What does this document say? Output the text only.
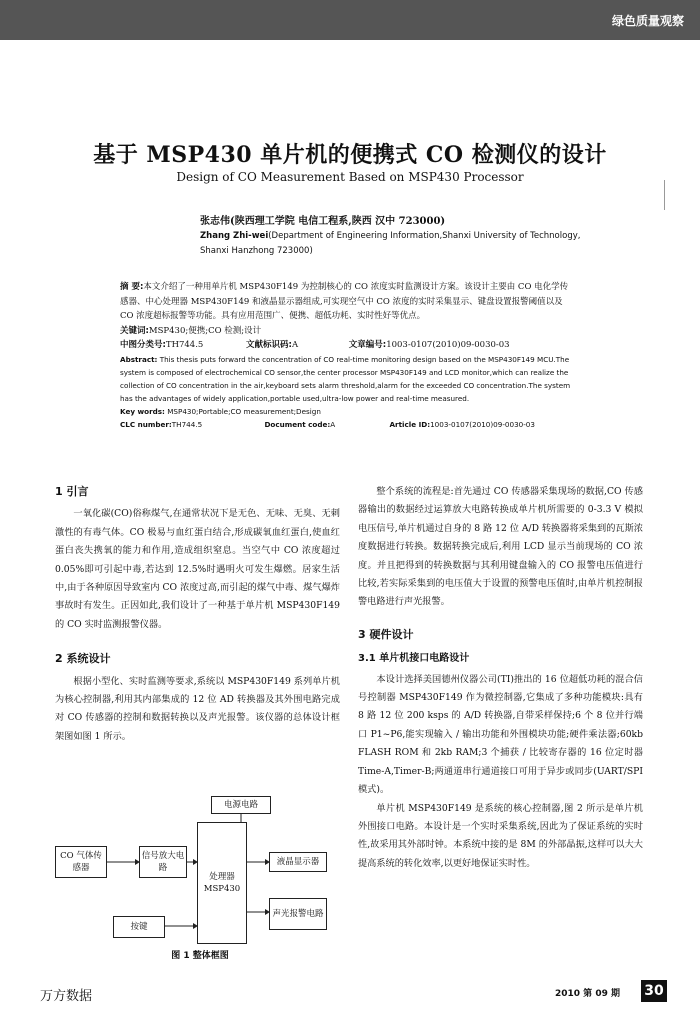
绿色质量观察
基于 MSP430 单片机的便携式 CO 检测仪的设计
Design of CO Measurement Based on MSP430 Processor
张志伟(陕西理工学院 电信工程系,陕西 汉中 723000)
Zhang Zhi-wei(Department of Engineering Information,Shanxi University of Technology,
Shanxi Hanzhong 723000)

摘 要:本文介绍了一种用单片机 MSP430F149 为控制核心的 CO 浓度实时监测设计方案。该设计主要由 CO 电化学传感器、中心处理器 MSP430F149 和液晶显示器组成,可实现空气中 CO 浓度的实时采集显示、键盘设置报警阈值以及 CO 浓度超标报警等功能。具有应用范围广、便携、超低功耗、实时性好等优点。

关键词:MSP430;便携;CO 检测;设计

中图分类号:TH744.5	文献标识码:A	文章编号:1003-0107(2010)09-0030-03

Abstract: This thesis puts forward the concentration of CO real-time monitoring design based on the MSP430F149 MCU.The system is composed of electrochemical CO sensor,the center processor MSP430F149 and LCD monitor,which can realize the collection of CO concentration in the air,keyboard sets alarm threshold,alarm for the exceeded CO concentration.The system has the advantages of widely application,portable used,ultra-low power and real-time measured.

Key words: MSP430;Portable;CO measurement;Design

CLC number:TH744.5	Document code:A	Article ID:1003-0107(2010)09-0030-03

1 引言

一氧化碳(CO)俗称煤气,在通常状况下是无色、无味、无臭、无刺激性的有毒气体。CO 极易与血红蛋白结合,形成碳氧血红蛋白,使血红蛋白丧失携氧的能力和作用,造成组织窒息。当空气中 CO 浓度超过 0.05%即可引起中毒,若达到 12.5%时遇明火可发生爆燃。居家生活中,由于各种原因导致室内 CO 浓度过高,而引起的煤气中毒、煤气爆炸事故时有发生。正因如此,我们设计了一种基于单片机 MSP430F149 的 CO 实时监测报警仪器。

2 系统设计

根据小型化、实时监测等要求,系统以 MSP430F149 系列单片机为核心控制器,利用其内部集成的 12 位 AD 转换器及其外围电路完成对 CO 传感器的控制和数据转换以及声光报警。该仪器的总体设计框架图如图 1 所示。

电源电路
CO 气体传感器
信号放大电路
处理器 MSP430
液晶显示器
声光报警电路
按键
图 1 整体框图

整个系统的流程是:首先通过 CO 传感器采集现场的数据,CO 传感器输出的数据经过运算放大电路转换成单片机所需要的 0-3.3 V 模拟电压信号,单片机通过自身的 8 路 12 位 A/D 转换器将采集到的瓦斯浓度数据进行转换。数据转换完成后,利用 LCD 显示当前现场的 CO 浓度。并且把得到的转换数据与其利用键盘输入的 CO 报警电压值进行比较,若实际采集到的电压值大于设置的预警电压值时,由单片机控制报警电路进行声光报警。

3 硬件设计
3.1 单片机接口电路设计

本设计选择美国德州仪器公司(TI)推出的 16 位超低功耗的混合信号控制器 MSP430F149 作为微控制器,它集成了多种功能模块:具有 8 路 12 位 200 ksps 的 A/D 转换器,自带采样保持;6 个 8 位并行端口 P1~P6,能实现输入 / 输出功能和外围模块功能;硬件乘法器;60kb FLASH ROM 和 2kb RAM;3 个捕获 / 比较寄存器的 16 位定时器 Time-A,Timer-B;两通道串行通道接口可用于异步或同步(UART/SPI 模式)。

单片机 MSP430F149 是系统的核心控制器,图 2 所示是单片机外围接口电路。本设计是一个实时采集系统,因此为了保证系统的实时性,故采用其外部时钟。本系统中接的是 8M 的外部晶振,这样可以大大提高系统的转化效率,以更好地保证实时性。

万方数据	2010 第 09 期 30
